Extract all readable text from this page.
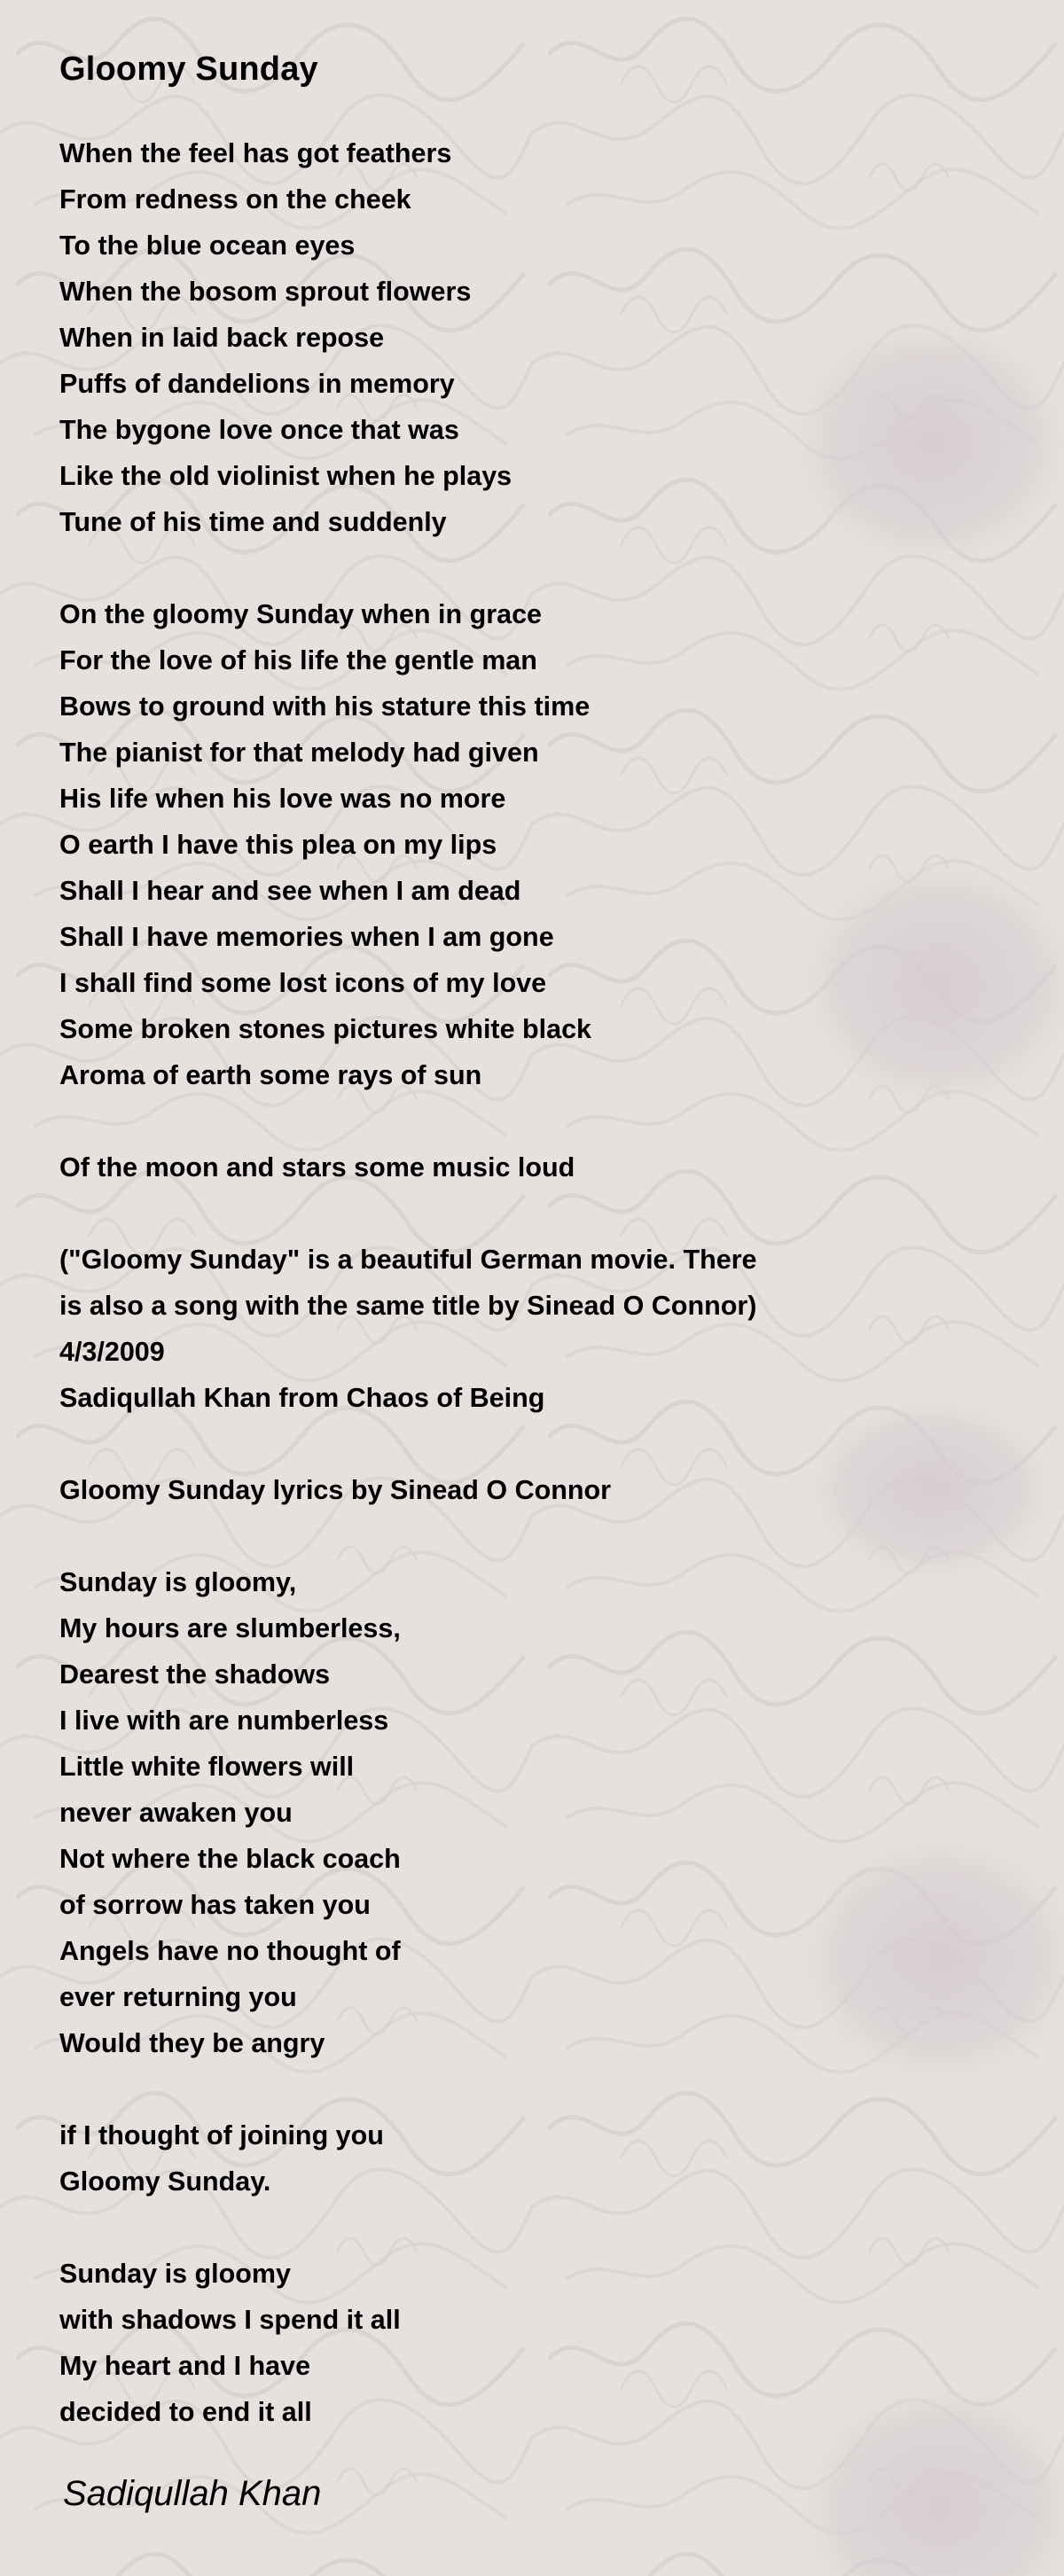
Gloomy Sunday
When the feel has got feathers
From redness on the cheek
To the blue ocean eyes
When the bosom sprout flowers
When in laid back repose
Puffs of dandelions in memory
The bygone love once that was
Like the old violinist when he plays
Tune of his time and suddenly
On the gloomy Sunday when in grace
For the love of his life the gentle man
Bows to ground with his stature this time
The pianist for that melody had given
His life when his love was no more
O earth I have this plea on my lips
Shall I hear and see when I am dead
Shall I have memories when I am gone
I shall find some lost icons of my love
Some broken stones pictures white black
Aroma of earth some rays of sun
Of the moon and stars some music loud
("Gloomy Sunday" is a beautiful German movie. There
is also a song with the same title by Sinead O Connor)
4/3/2009
Sadiqullah Khan from Chaos of Being
Gloomy Sunday lyrics by Sinead O Connor
Sunday is gloomy,
My hours are slumberless,
Dearest the shadows
I live with are numberless
Little white flowers will
never awaken you
Not where the black coach
of sorrow has taken you
Angels have no thought of
ever returning you
Would they be angry
if I thought of joining you
Gloomy Sunday.
Sunday is gloomy
with shadows I spend it all
My heart and I have
decided to end it all
Sadiqullah Khan
